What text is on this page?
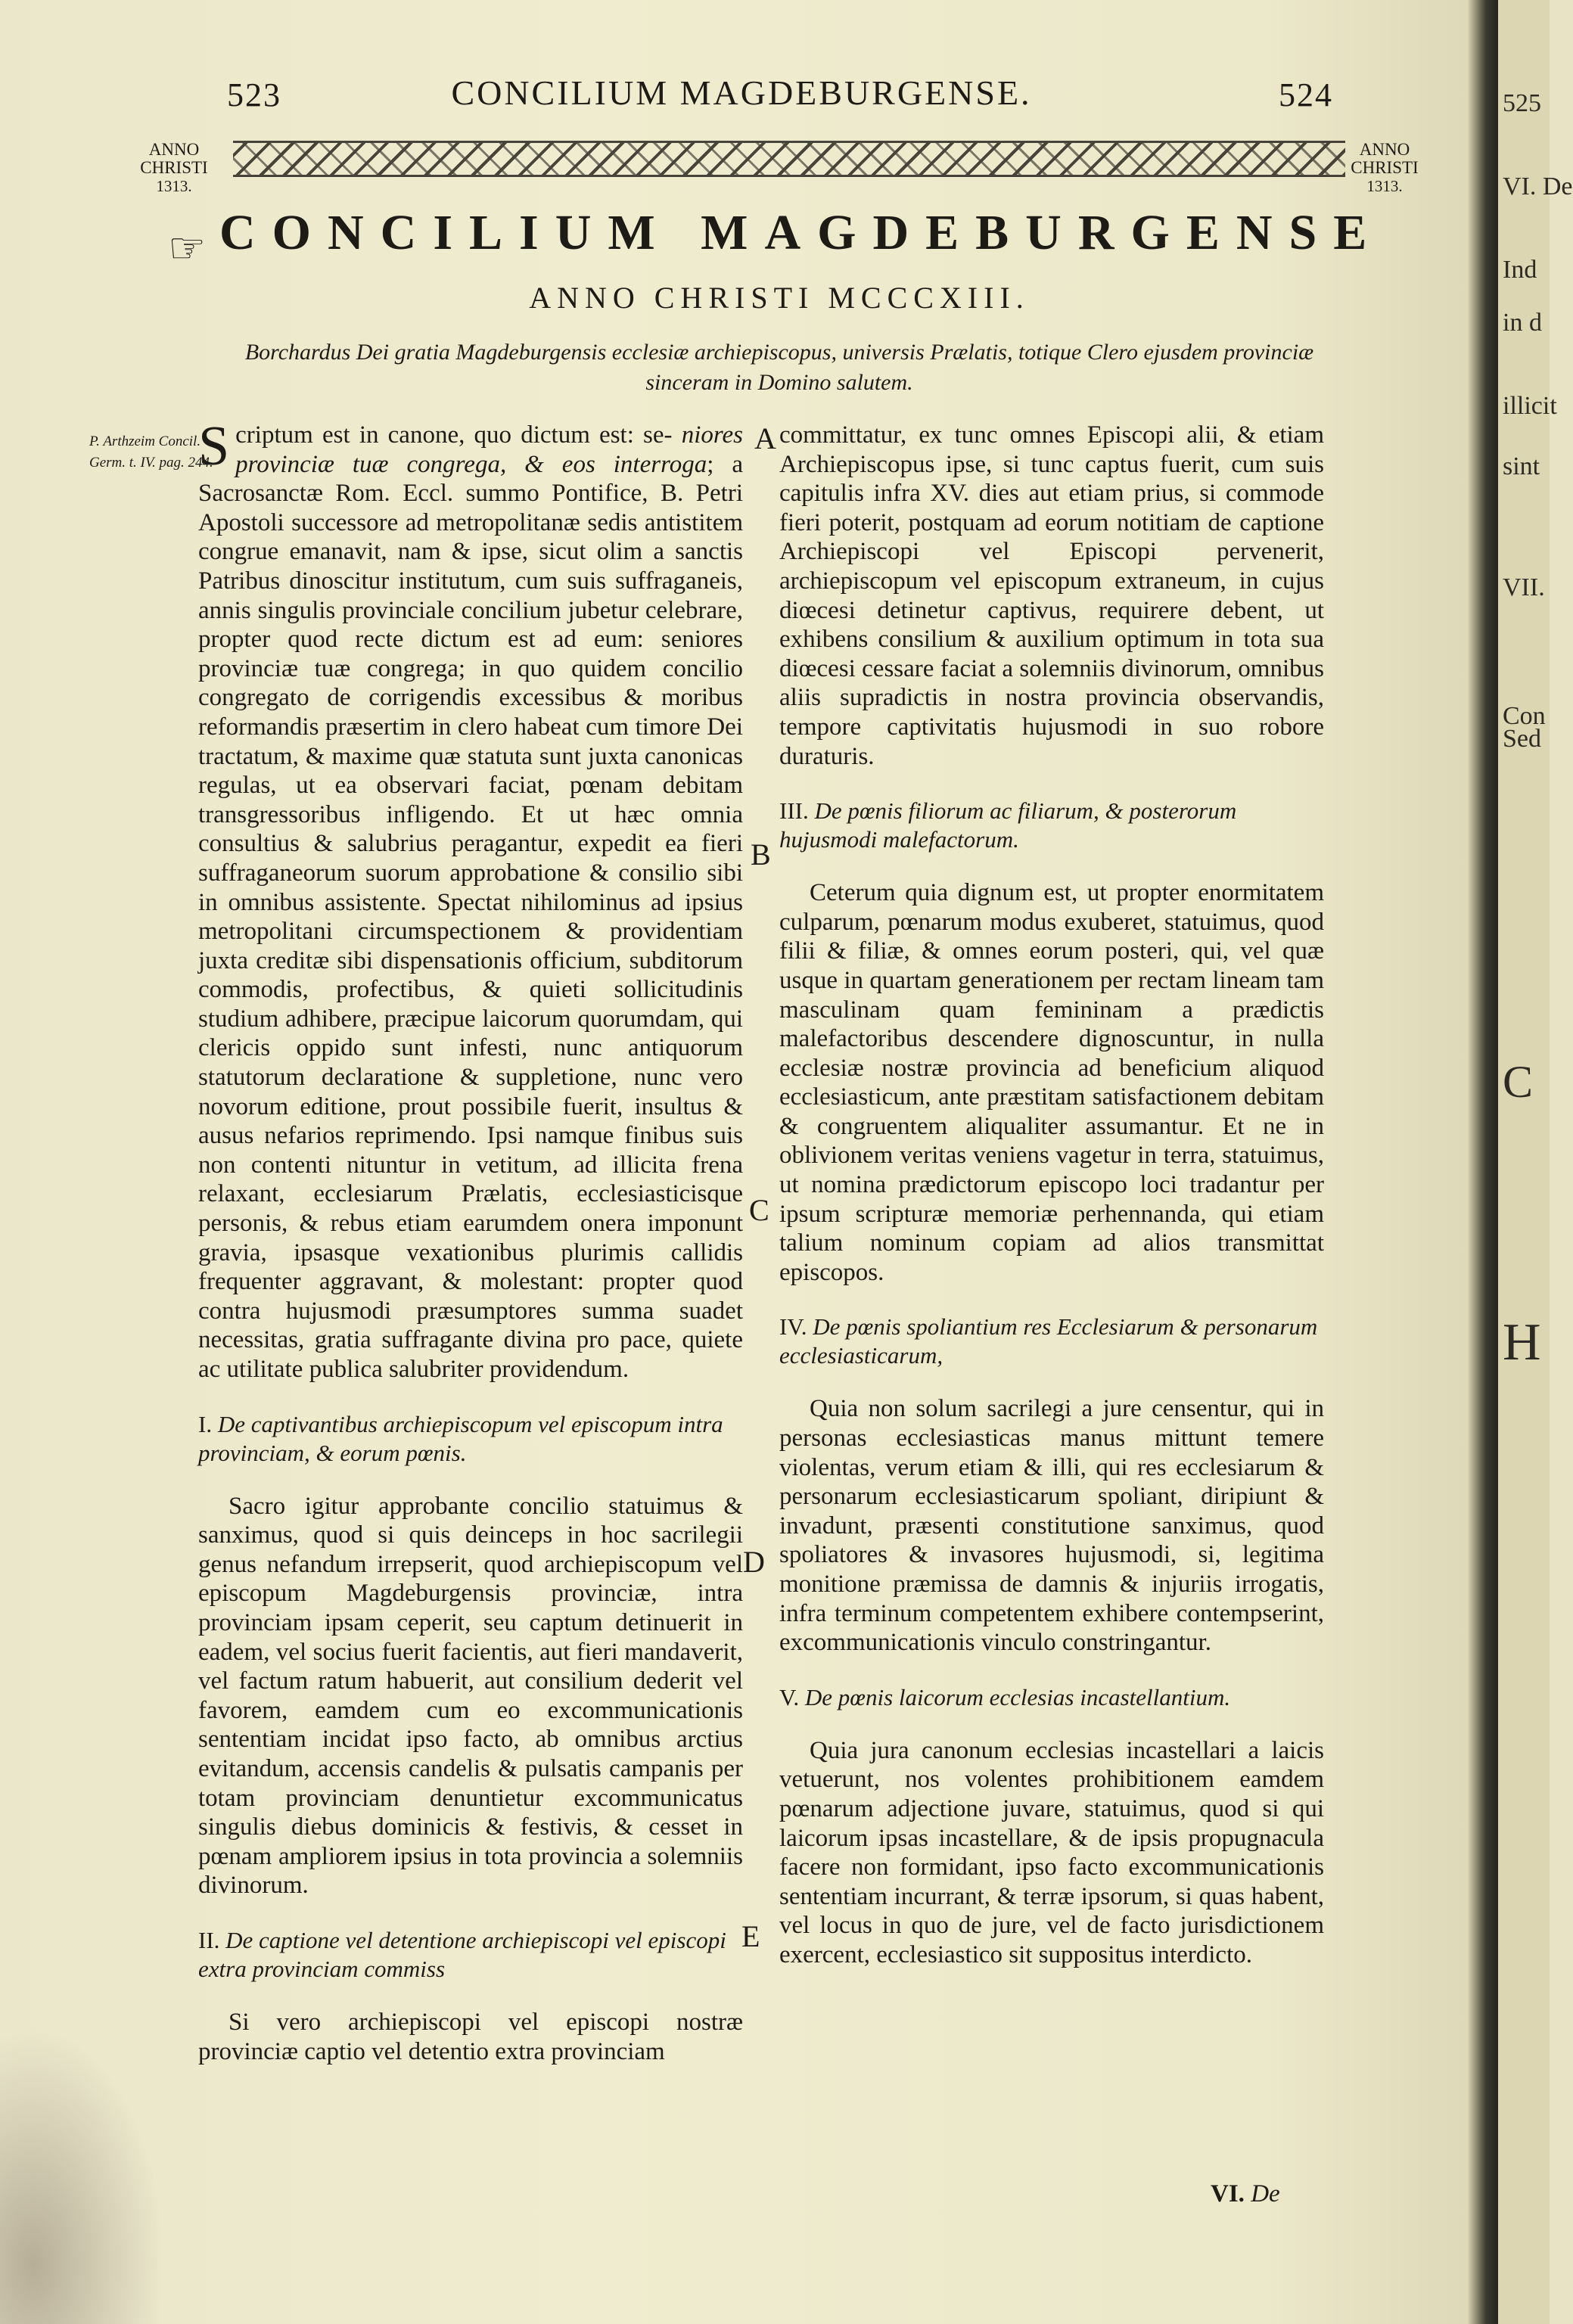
523	CONCILIUM MAGDEBURGENSE.	524
ANNO
CHRISTI
1313.
ANNO
CHRISTI
1313.
☞ CONCILIUM MAGDEBURGENSE
ANNO CHRISTI MCCCXIII.
Borchardus Dei gratia Magdeburgensis ecclesiæ archiepiscopus, universis Prælatis, totique Clero ejusdem provinciæ sinceram in Domino salutem.
P. Arthzeim Concil. Germ. t. IV. pag. 244.

Scriptum est in canone, quo dictum est: se- niores provinciæ tuæ congrega, & eos interroga; a Sacrosanctæ Rom. Eccl. summo Pontifice, B. Petri Apostoli successore ad metropolitanæ sedis antistitem congrue emanavit, nam & ipse, sicut olim a sanctis Patribus dinoscitur institutum, cum suis suffraganeis, annis singulis provinciale concilium jubetur celebrare, propter quod recte dictum est ad eum: seniores provinciæ tuæ congrega; in quo quidem concilio congregato de corrigendis excessibus & moribus reformandis præsertim in clero habeat cum timore Dei tractatum, & maxime quæ statuta sunt juxta canonicas regulas, ut ea observari faciat, pœnam debitam transgressoribus infligendo. Et ut hæc omnia consultius & salubrius peragantur, expedit ea fieri suffraganeorum suorum approbatione & consilio sibi in omnibus assistente. Spectat nihilominus ad ipsius metropolitani circumspectionem & providentiam juxta creditæ sibi dispensationis officium, subditorum commodis, profectibus, & quieti sollicitudinis studium adhibere, præcipue laicorum quorumdam, qui clericis oppido sunt infesti, nunc antiquorum statutorum declaratione & suppletione, nunc vero novorum editione, prout possibile fuerit, insultus & ausus nefarios reprimendo. Ipsi namque finibus suis non contenti nituntur in vetitum, ad illicita frena relaxant, ecclesiarum Prælatis, ecclesiasticisque personis, & rebus etiam earumdem onera imponunt gravia, ipsasque vexationibus plurimis callidis frequenter aggravant, & molestant: propter quod contra hujusmodi præsumptores summa suadet necessitas, gratia suffragante divina pro pace, quiete ac utilitate publica salubriter providendum.

I. De captivantibus archiepiscopum vel episcopum intra provinciam, & eorum pœnis.

Sacro igitur approbante concilio statuimus & sanximus, quod si quis deinceps in hoc sacrilegii genus nefandum irrepserit, quod archiepiscopum vel episcopum Magdeburgensis provinciæ, intra provinciam ipsam ceperit, seu captum detinuerit in eadem, vel socius fuerit facientis, aut fieri mandaverit, vel factum ratum habuerit, aut consilium dederit vel favorem, eamdem cum eo excommunicationis sententiam incidat ipso facto, ab omnibus arctius evitandum, accensis candelis & pulsatis campanis per totam provinciam denuntietur excommunicatus singulis diebus dominicis & festivis, & cesset in pœnam ampliorem ipsius in tota provincia a solemniis divinorum.

II. De captione vel detentione archiepiscopi vel episcopi extra provinciam commiss

Si vero archiepiscopi vel episcopi nostræ provinciæ captio vel detentio extra provinciam

A
B
C
D
E

committatur, ex tunc omnes Episcopi alii, & etiam Archiepiscopus ipse, si tunc captus fuerit, cum suis capitulis infra XV. dies aut etiam prius, si commode fieri poterit, postquam ad eorum notitiam de captione Archiepiscopi vel Episcopi pervenerit, archiepiscopum vel episcopum extraneum, in cujus diœcesi detinetur captivus, requirere debent, ut exhibens consilium & auxilium optimum in tota sua diœcesi cessare faciat a solemniis divinorum, omnibus aliis supradictis in nostra provincia observandis, tempore captivitatis hujusmodi in suo robore duraturis.

III. De pœnis filiorum ac filiarum, & posterorum hujusmodi malefactorum.

Ceterum quia dignum est, ut propter enormitatem culparum, pœnarum modus exuberet, statuimus, quod filii & filiæ, & omnes eorum posteri, qui, vel quæ usque in quartam generationem per rectam lineam tam masculinam quam femininam a prædictis malefactoribus descendere dignoscuntur, in nulla ecclesiæ nostræ provincia ad beneficium aliquod ecclesiasticum, ante præstitam satisfactionem debitam & congruentem aliqualiter assumantur. Et ne in oblivionem veritas veniens vagetur in terra, statuimus, ut nomina prædictorum episcopo loci tradantur per ipsum scripturæ memoriæ perhennanda, qui etiam talium nominum copiam ad alios transmittat episcopos.

IV. De pœnis spoliantium res Ecclesiarum & personarum ecclesiasticarum,

Quia non solum sacrilegi a jure censentur, qui in personas ecclesiasticas manus mittunt temere violentas, verum etiam & illi, qui res ecclesiarum & personarum ecclesiasticarum spoliant, diripiunt & invadunt, præsenti constitutione sanximus, quod spoliatores & invasores hujusmodi, si, legitima monitione præmissa de damnis & injuriis irrogatis, infra terminum competentem exhibere contempserint, excommunicationis vinculo constringantur.

V. De pœnis laicorum ecclesias incastellantium.

Quia jura canonum ecclesias incastellari a laicis vetuerunt, nos volentes prohibitionem eamdem pœnarum adjectione juvare, statuimus, quod si qui laicorum ipsas incastellare, & de ipsis propugnacula facere non formidant, ipso facto excommunicationis sententiam incurrant, & terræ ipsorum, si quas habent, vel locus in quo de jure, vel de facto jurisdictionem exercent, ecclesiastico sit suppositus interdicto.

VI. De
525
VI. De
Ind
in d
illicit
sint
VII.
Con
Sed
C
H
